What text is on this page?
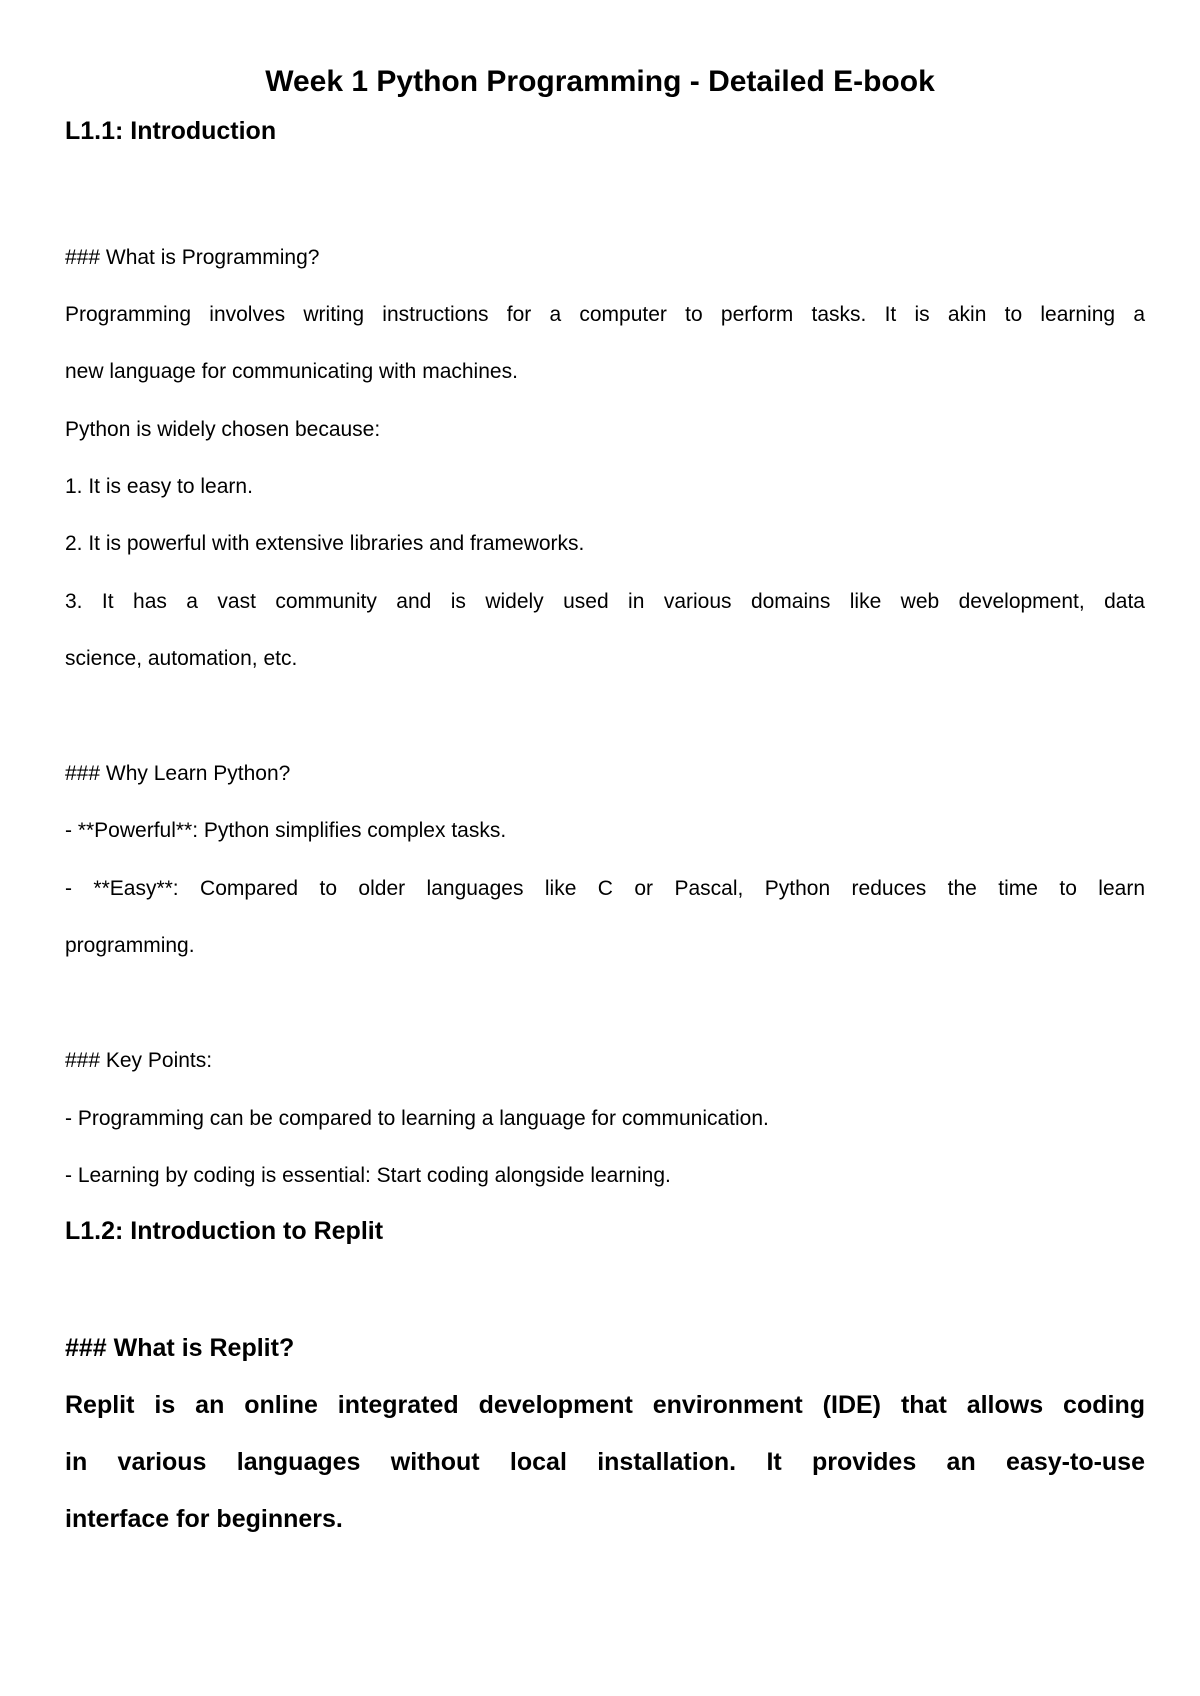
Week 1 Python Programming - Detailed E-book
L1.1: Introduction

### What is Programming?

Programming involves writing instructions for a computer to perform tasks. It is akin to learning a

new language for communicating with machines.

Python is widely chosen because:

1. It is easy to learn.

2. It is powerful with extensive libraries and frameworks.

3. It has a vast community and is widely used in various domains like web development, data

science, automation, etc.

### Why Learn Python?

- **Powerful**: Python simplifies complex tasks.

- **Easy**: Compared to older languages like C or Pascal, Python reduces the time to learn

programming.

### Key Points:

- Programming can be compared to learning a language for communication.

- Learning by coding is essential: Start coding alongside learning.

L1.2: Introduction to Replit

### What is Replit?

Replit is an online integrated development environment (IDE) that allows coding

in various languages without local installation. It provides an easy-to-use

interface for beginners.
